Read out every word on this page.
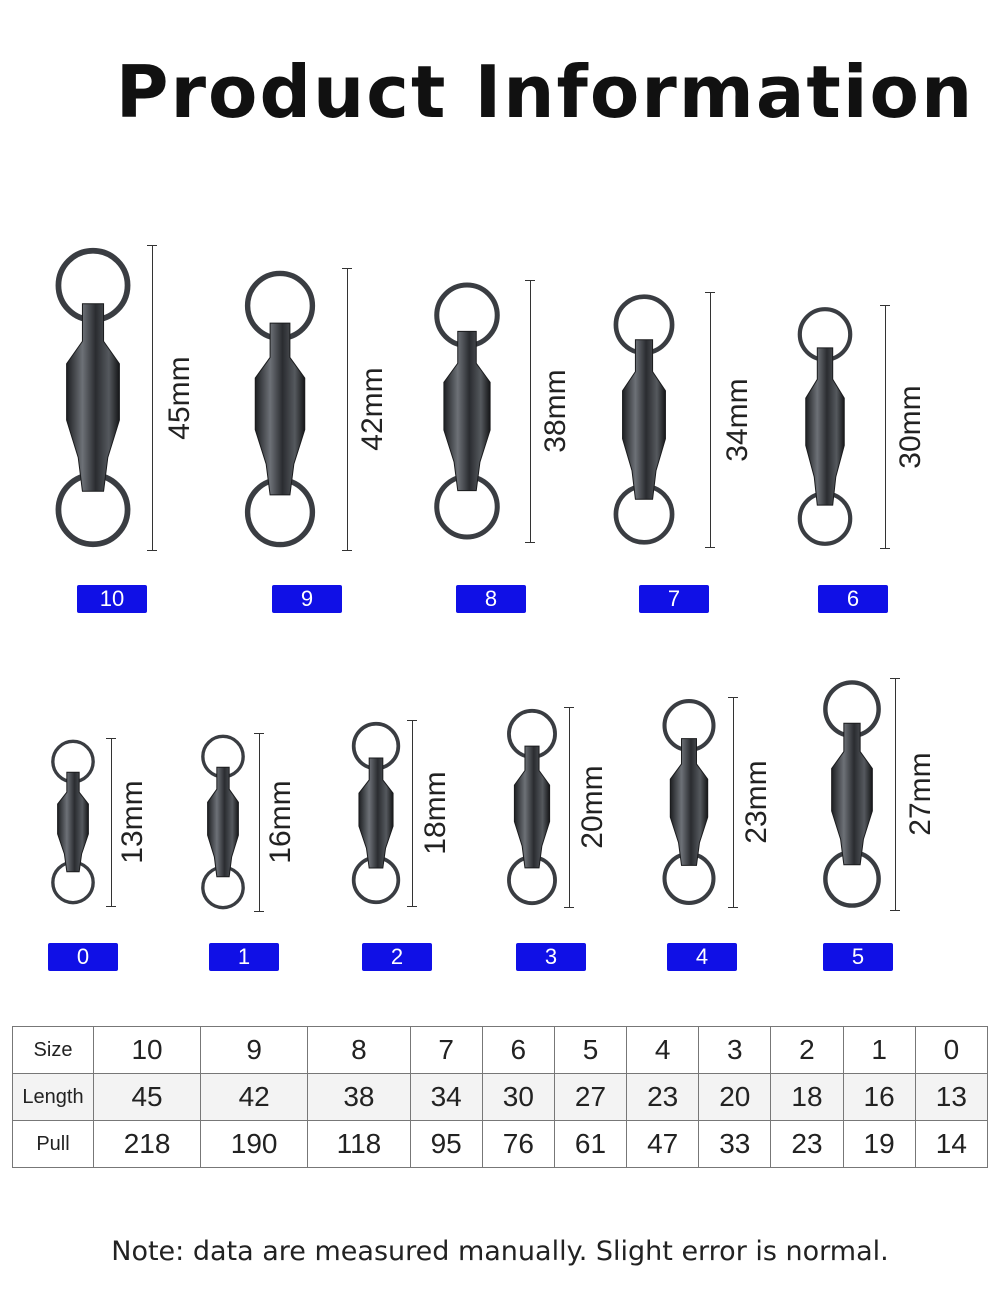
Product Information
45mm
10
42mm
9
38mm
8
34mm
7
30mm
6
13mm
0
16mm
1
18mm
2
20mm
3
23mm
4
27mm
5
Size	10	9	8	7	6	5	4	3	2	1	0
Length	45	42	38	34	30	27	23	20	18	16	13
Pull	218	190	118	95	76	61	47	33	23	19	14
Note: data are measured manually. Slight error is normal.
